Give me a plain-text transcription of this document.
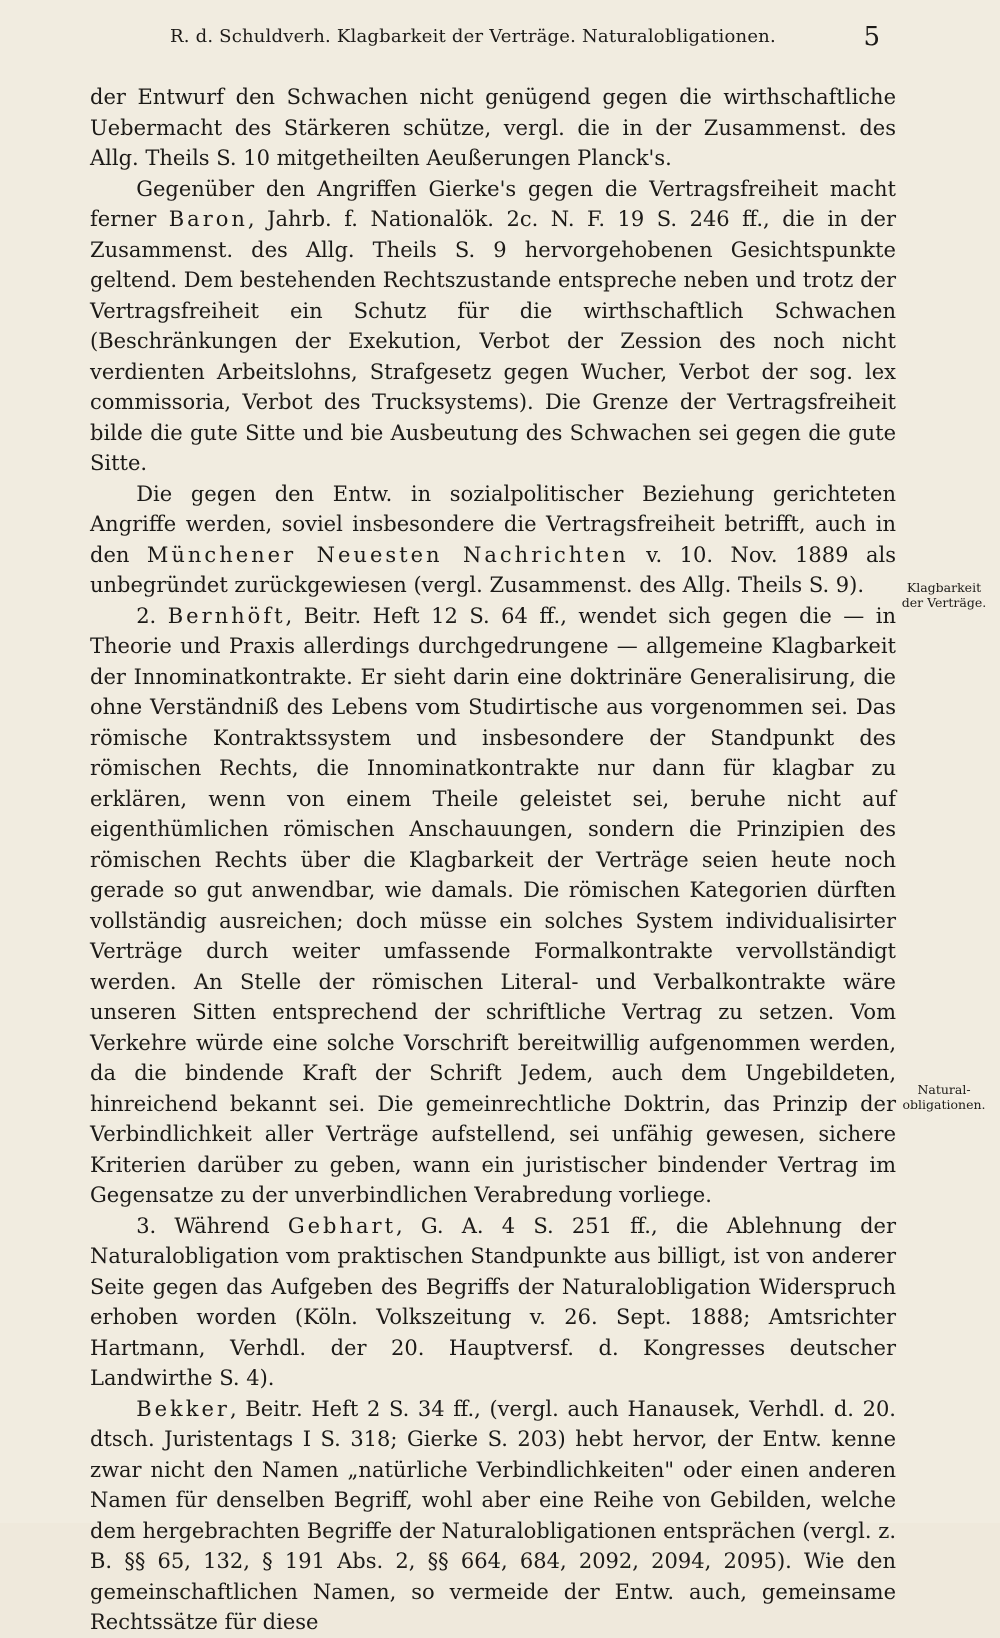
R. d. Schuldverh. Klagbarkeit der Verträge. Naturalobligationen.	5

der Entwurf den Schwachen nicht genügend gegen die wirthschaftliche Uebermacht des Stärkeren schütze, vergl. die in der Zusammenst. des Allg. Theils S. 10 mitgetheilten Aeußerungen Planck's.

Gegenüber den Angriffen Gierke's gegen die Vertragsfreiheit macht ferner Baron, Jahrb. f. Nationalök. 2c. N. F. 19 S. 246 ff., die in der Zusammenst. des Allg. Theils S. 9 hervorgehobenen Gesichtspunkte geltend. Dem bestehenden Rechtszustande entspreche neben und trotz der Vertragsfreiheit ein Schutz für die wirthschaftlich Schwachen (Beschränkungen der Exekution, Verbot der Zession des noch nicht verdienten Arbeitslohns, Strafgesetz gegen Wucher, Verbot der sog. lex commissoria, Verbot des Trucksystems). Die Grenze der Vertragsfreiheit bilde die gute Sitte und bie Ausbeutung des Schwachen sei gegen die gute Sitte.

Die gegen den Entw. in sozialpolitischer Beziehung gerichteten Angriffe werden, soviel insbesondere die Vertragsfreiheit betrifft, auch in den Münchener Neuesten Nachrichten v. 10. Nov. 1889 als unbegründet zurückgewiesen (vergl. Zusammenst. des Allg. Theils S. 9).

2. Bernhöft, Beitr. Heft 12 S. 64 ff., wendet sich gegen die — in Theorie und Praxis allerdings durchgedrungene — allgemeine Klagbarkeit der Innominatkontrakte. Er sieht darin eine doktrinäre Generalisirung, die ohne Verständniß des Lebens vom Studirtische aus vorgenommen sei. Das römische Kontraktssystem und insbesondere der Standpunkt des römischen Rechts, die Innominatkontrakte nur dann für klagbar zu erklären, wenn von einem Theile geleistet sei, beruhe nicht auf eigenthümlichen römischen Anschauungen, sondern die Prinzipien des römischen Rechts über die Klagbarkeit der Verträge seien heute noch gerade so gut anwendbar, wie damals. Die römischen Kategorien dürften vollständig ausreichen; doch müsse ein solches System individualisirter Verträge durch weiter umfassende Formalkontrakte vervollständigt werden. An Stelle der römischen Literal- und Verbalkontrakte wäre unseren Sitten entsprechend der schriftliche Vertrag zu setzen. Vom Verkehre würde eine solche Vorschrift bereitwillig aufgenommen werden, da die bindende Kraft der Schrift Jedem, auch dem Ungebildeten, hinreichend bekannt sei. Die gemeinrechtliche Doktrin, das Prinzip der Verbindlichkeit aller Verträge aufstellend, sei unfähig gewesen, sichere Kriterien darüber zu geben, wann ein juristischer bindender Vertrag im Gegensatze zu der unverbindlichen Verabredung vorliege.

3. Während Gebhart, G. A. 4 S. 251 ff., die Ablehnung der Naturalobligation vom praktischen Standpunkte aus billigt, ist von anderer Seite gegen das Aufgeben des Begriffs der Naturalobligation Widerspruch erhoben worden (Köln. Volkszeitung v. 26. Sept. 1888; Amtsrichter Hartmann, Verhdl. der 20. Hauptversf. d. Kongresses deutscher Landwirthe S. 4).

Bekker, Beitr. Heft 2 S. 34 ff., (vergl. auch Hanausek, Verhdl. d. 20. dtsch. Juristentags I S. 318; Gierke S. 203) hebt hervor, der Entw. kenne zwar nicht den Namen „natürliche Verbindlichkeiten" oder einen anderen Namen für denselben Begriff, wohl aber eine Reihe von Gebilden, welche dem hergebrachten Begriffe der Naturalobligationen entsprächen (vergl. z. B. §§ 65, 132, § 191 Abs. 2, §§ 664, 684, 2092, 2094, 2095). Wie den gemeinschaftlichen Namen, so vermeide der Entw. auch, gemeinsame Rechtssätze für diese

Klagbarkeit
der Verträge.
Natural-
obligationen.
